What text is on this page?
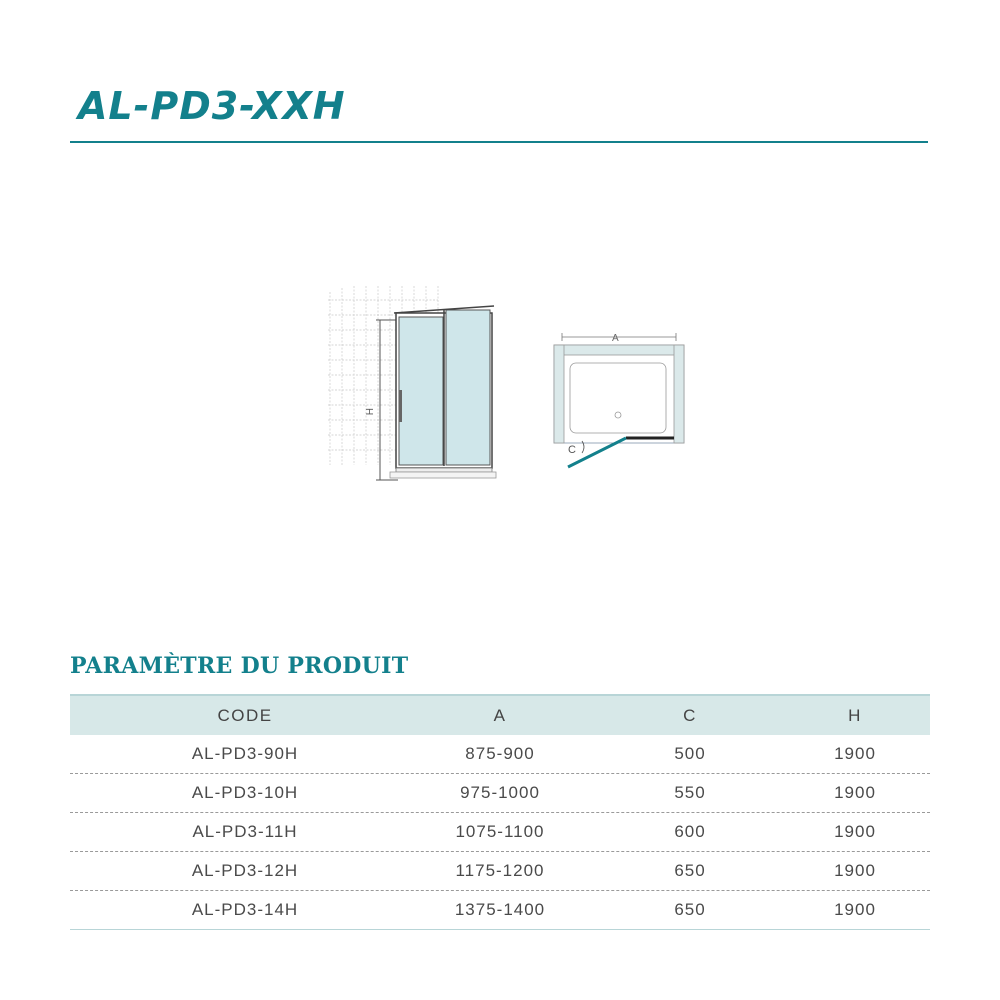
AL-PD3-XXH
H
A
C
PARAMÈTRE DU PRODUIT
CODE	A	C	H
AL-PD3-90H	875-900	500	1900
AL-PD3-10H	975-1000	550	1900
AL-PD3-11H	1075-1100	600	1900
AL-PD3-12H	1175-1200	650	1900
AL-PD3-14H	1375-1400	650	1900
